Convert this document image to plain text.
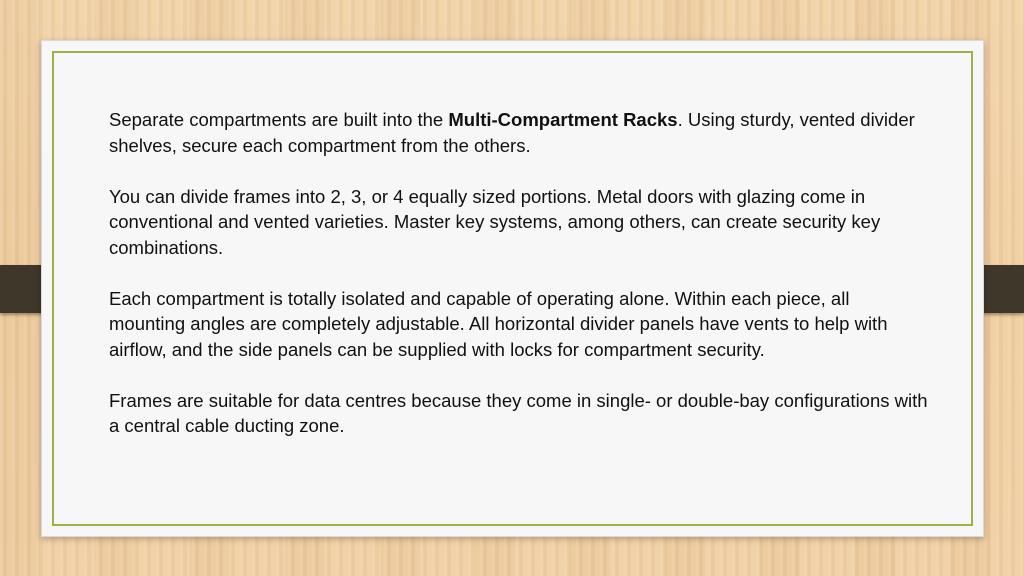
Separate compartments are built into the Multi-Compartment Racks. Using sturdy, vented divider shelves, secure each compartment from the others.

You can divide frames into 2, 3, or 4 equally sized portions. Metal doors with glazing come in conventional and vented varieties. Master key systems, among others, can create security key combinations.

Each compartment is totally isolated and capable of operating alone. Within each piece, all mounting angles are completely adjustable. All horizontal divider panels have vents to help with airflow, and the side panels can be supplied with locks for compartment security.

Frames are suitable for data centres because they come in single- or double-bay configurations with a central cable ducting zone.
